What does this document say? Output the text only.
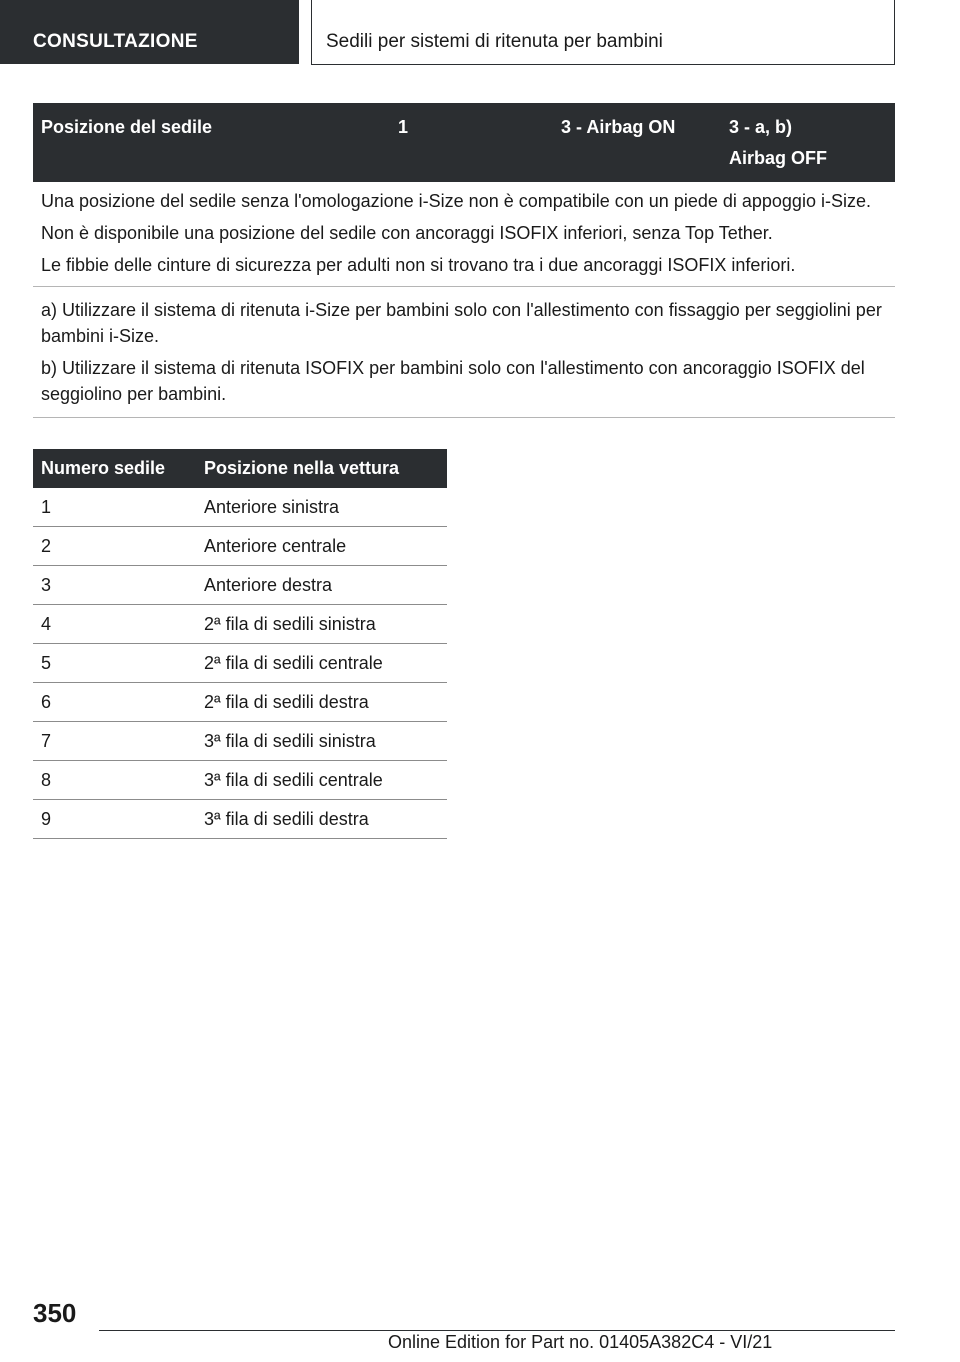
CONSULTAZIONE	Sedili per sistemi di ritenuta per bambini
Posizione del sedile	1	3 - Airbag ON	3 - a, b)
Airbag OFF

Una posizione del sedile senza l'omologazione i-Size non è compatibile con un piede di appoggio i-Size.

Non è disponibile una posizione del sedile con ancoraggi ISOFIX inferiori, senza Top Tether.

Le fibbie delle cinture di sicurezza per adulti non si trovano tra i due ancoraggi ISOFIX inferiori.

a) Utilizzare il sistema di ritenuta i-Size per bambini solo con l'allestimento con fissaggio per seggiolini per bambini i-Size.

b) Utilizzare il sistema di ritenuta ISOFIX per bambini solo con l'allestimento con ancoraggio ISOFIX del seggiolino per bambini.

Numero sedile	Posizione nella vettura
1	Anteriore sinistra
2	Anteriore centrale
3	Anteriore destra
4	2ª fila di sedili sinistra
5	2ª fila di sedili centrale
6	2ª fila di sedili destra
7	3ª fila di sedili sinistra
8	3ª fila di sedili centrale
9	3ª fila di sedili destra
350
Online Edition for Part no. 01405A382C4 - VI/21
